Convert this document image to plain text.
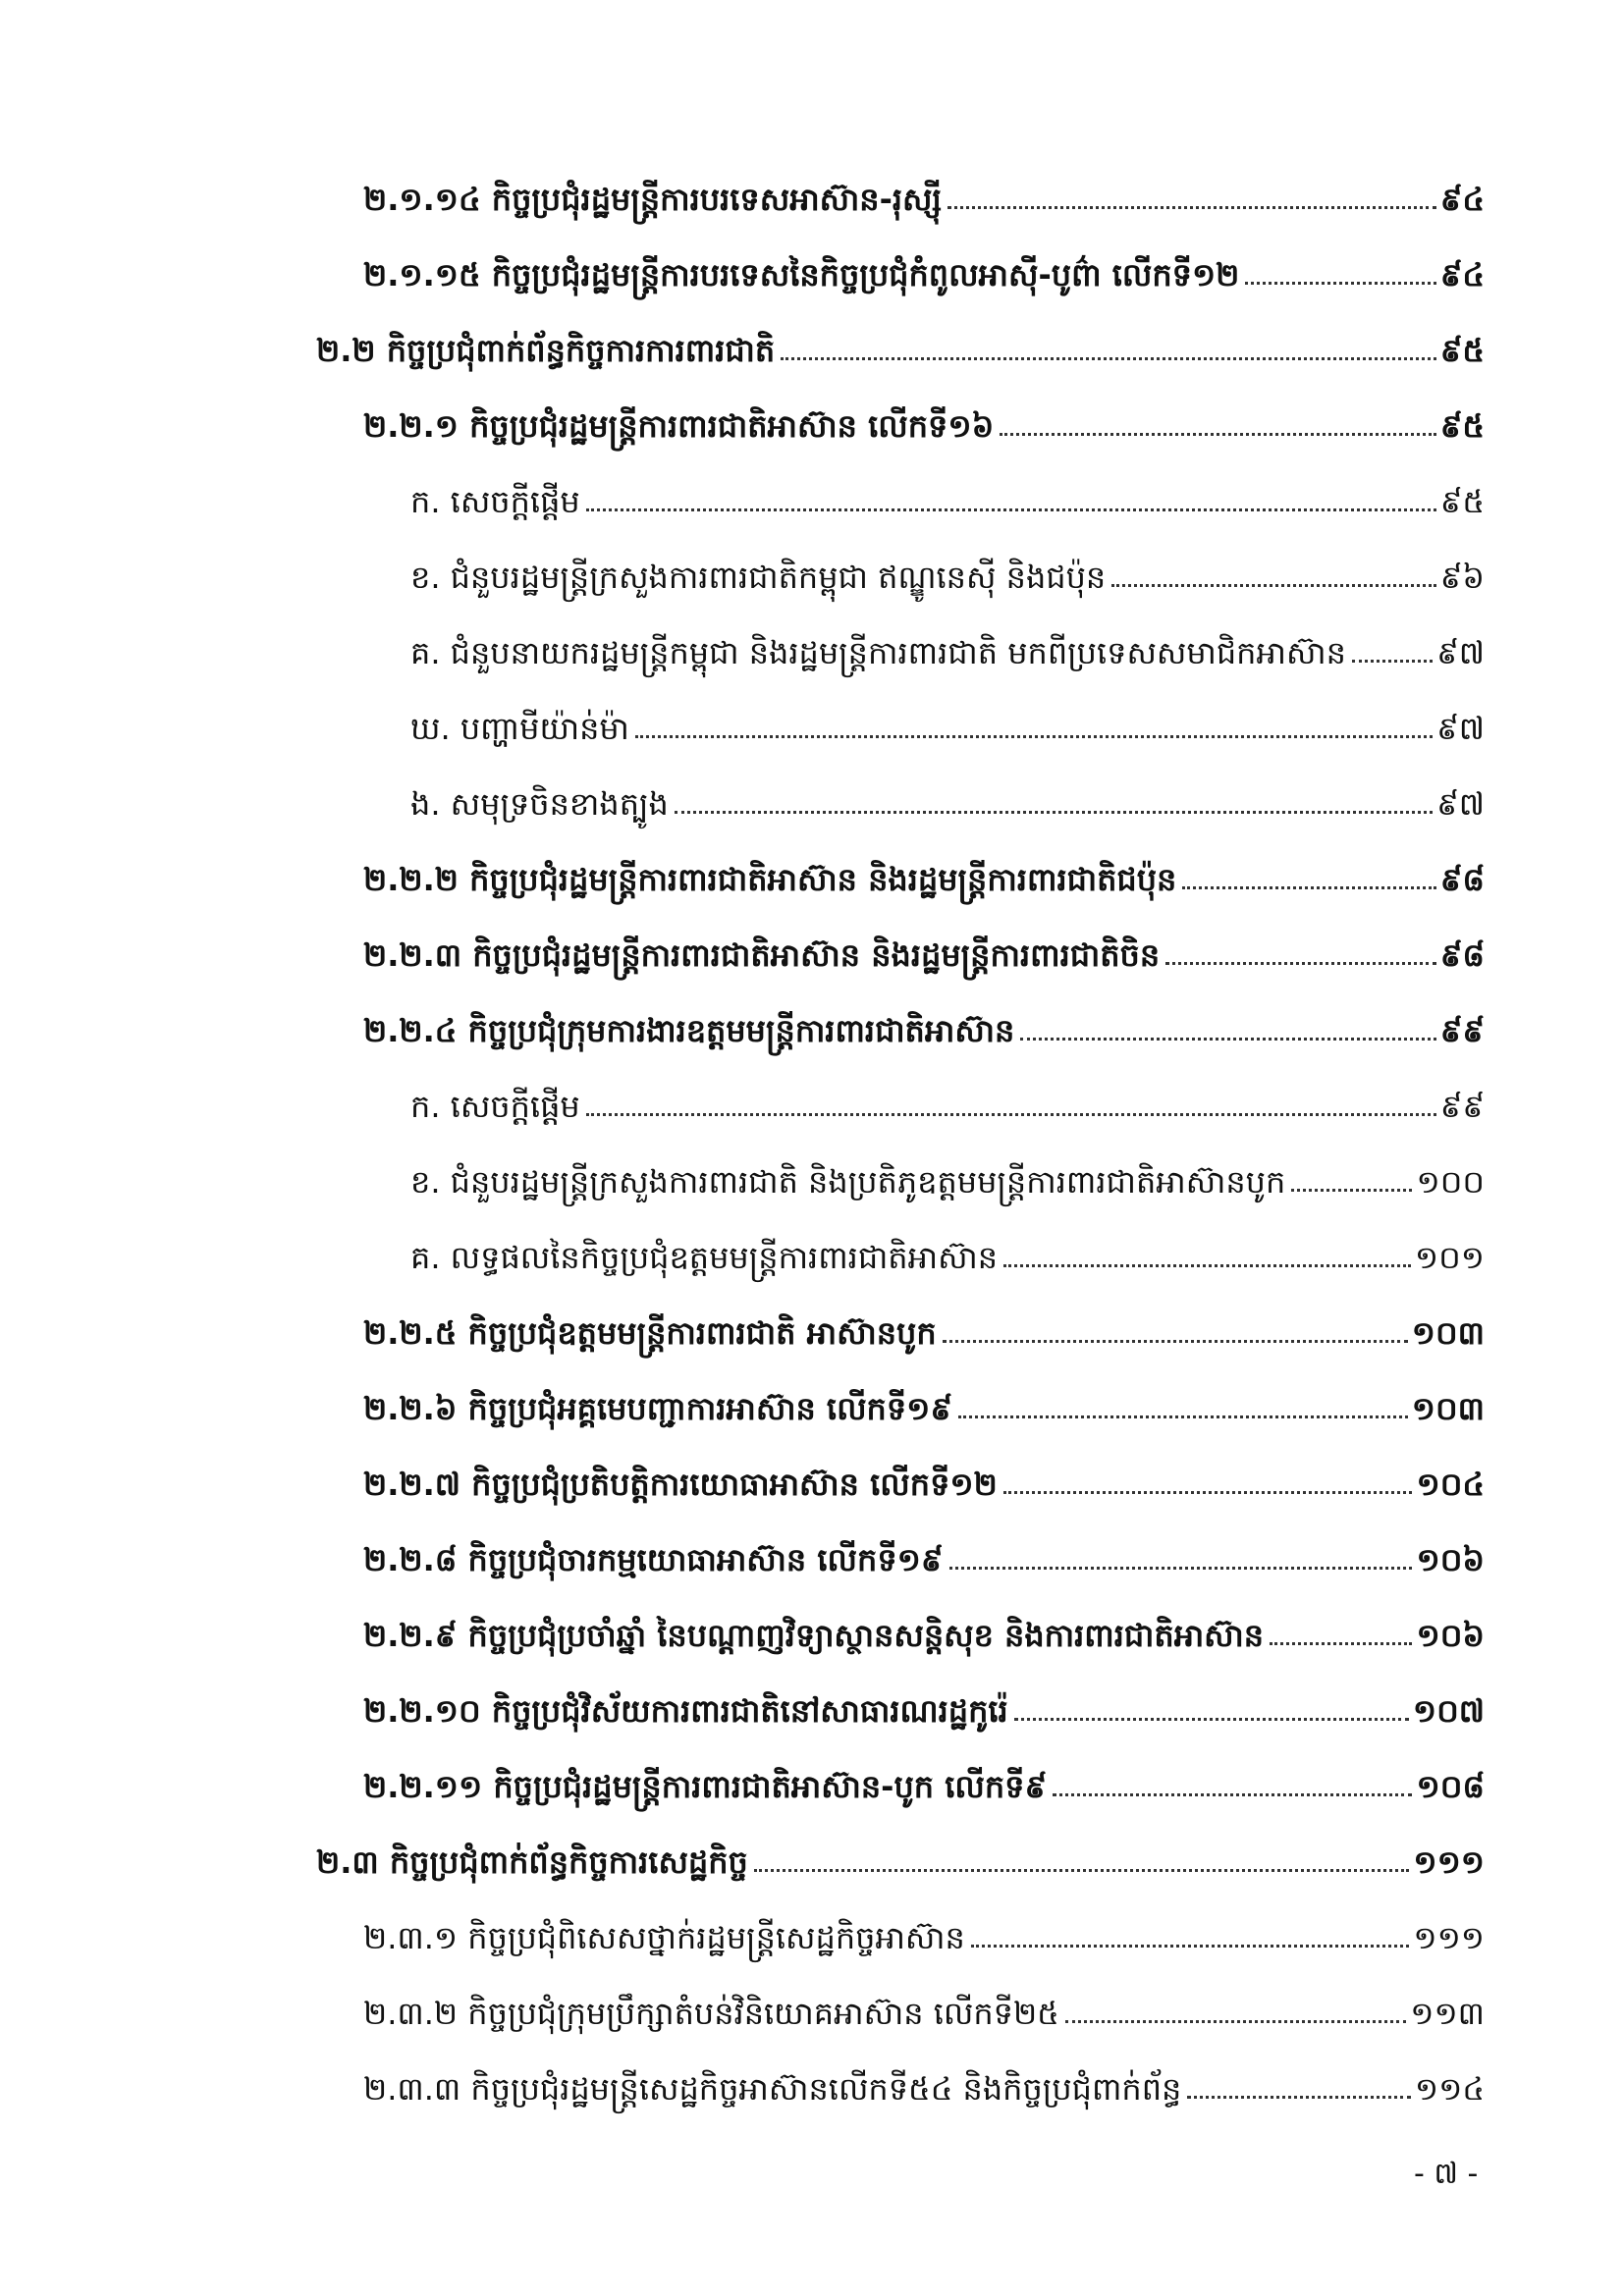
២.១.១៤ កិច្ចប្រជុំរដ្ឋមន្ត្រីការបរទេសអាស៊ាន-រុស្ស៊ី	៩៤
២.១.១៥ កិច្ចប្រជុំរដ្ឋមន្ត្រីការបរទេសនៃកិច្ចប្រជុំកំពូលអាស៊ី-បូព៌ា លើកទី១២	៩៤
២.២ កិច្ចប្រជុំពាក់ព័ន្ធកិច្ចការការពារជាតិ	៩៥
២.២.១ កិច្ចប្រជុំរដ្ឋមន្ត្រីការពារជាតិអាស៊ាន លើកទី១៦	៩៥
ក. សេចក្តីផ្តើម	៩៥
ខ. ជំនួបរដ្ឋមន្ត្រីក្រសួងការពារជាតិកម្ពុជា ឥណ្ឌូនេស៊ី និងជប៉ុន	៩៦
គ. ជំនួបនាយករដ្ឋមន្ត្រីកម្ពុជា និងរដ្ឋមន្ត្រីការពារជាតិ មកពីប្រទេសសមាជិកអាស៊ាន	៩៧
ឃ. បញ្ហាមីយ៉ាន់ម៉ា	៩៧
ង. សមុទ្រចិនខាងត្បូង	៩៧
២.២.២ កិច្ចប្រជុំរដ្ឋមន្ត្រីការពារជាតិអាស៊ាន និងរដ្ឋមន្ត្រីការពារជាតិជប៉ុន	៩៨
២.២.៣ កិច្ចប្រជុំរដ្ឋមន្ត្រីការពារជាតិអាស៊ាន និងរដ្ឋមន្ត្រីការពារជាតិចិន	៩៨
២.២.៤ កិច្ចប្រជុំក្រុមការងារឧត្តមមន្ត្រីការពារជាតិអាស៊ាន	៩៩
ក. សេចក្តីផ្តើម	៩៩
ខ. ជំនួបរដ្ឋមន្ត្រីក្រសួងការពារជាតិ និងប្រតិភូឧត្តមមន្ត្រីការពារជាតិអាស៊ានបូក	១០០
គ. លទ្ធផលនៃកិច្ចប្រជុំឧត្តមមន្ត្រីការពារជាតិអាស៊ាន	១០១
២.២.៥ កិច្ចប្រជុំឧត្តមមន្ត្រីការពារជាតិ អាស៊ានបូក	១០៣
២.២.៦ កិច្ចប្រជុំអគ្គមេបញ្ជាការអាស៊ាន លើកទី១៩	១០៣
២.២.៧ កិច្ចប្រជុំប្រតិបត្តិការយោធាអាស៊ាន លើកទី១២	១០៤
២.២.៨ កិច្ចប្រជុំចារកម្មយោធាអាស៊ាន លើកទី១៩	១០៦
២.២.៩ កិច្ចប្រជុំប្រចាំឆ្នាំ នៃបណ្តាញវិទ្យាស្ថានសន្តិសុខ និងការពារជាតិអាស៊ាន	១០៦
២.២.១០ កិច្ចប្រជុំវិស័យការពារជាតិនៅសាធារណរដ្ឋកូរ៉េ	១០៧
២.២.១១ កិច្ចប្រជុំរដ្ឋមន្ត្រីការពារជាតិអាស៊ាន-បូក លើកទី៩	១០៨
២.៣ កិច្ចប្រជុំពាក់ព័ន្ធកិច្ចការសេដ្ឋកិច្ច	១១១
២.៣.១ កិច្ចប្រជុំពិសេសថ្នាក់រដ្ឋមន្ត្រីសេដ្ឋកិច្ចអាស៊ាន	១១១
២.៣.២ កិច្ចប្រជុំក្រុមប្រឹក្សាតំបន់វិនិយោគអាស៊ាន លើកទី២៥	១១៣
២.៣.៣ កិច្ចប្រជុំរដ្ឋមន្ត្រីសេដ្ឋកិច្ចអាស៊ានលើកទី៥៤ និងកិច្ចប្រជុំពាក់ព័ន្ធ	១១៤
- ៧ -
